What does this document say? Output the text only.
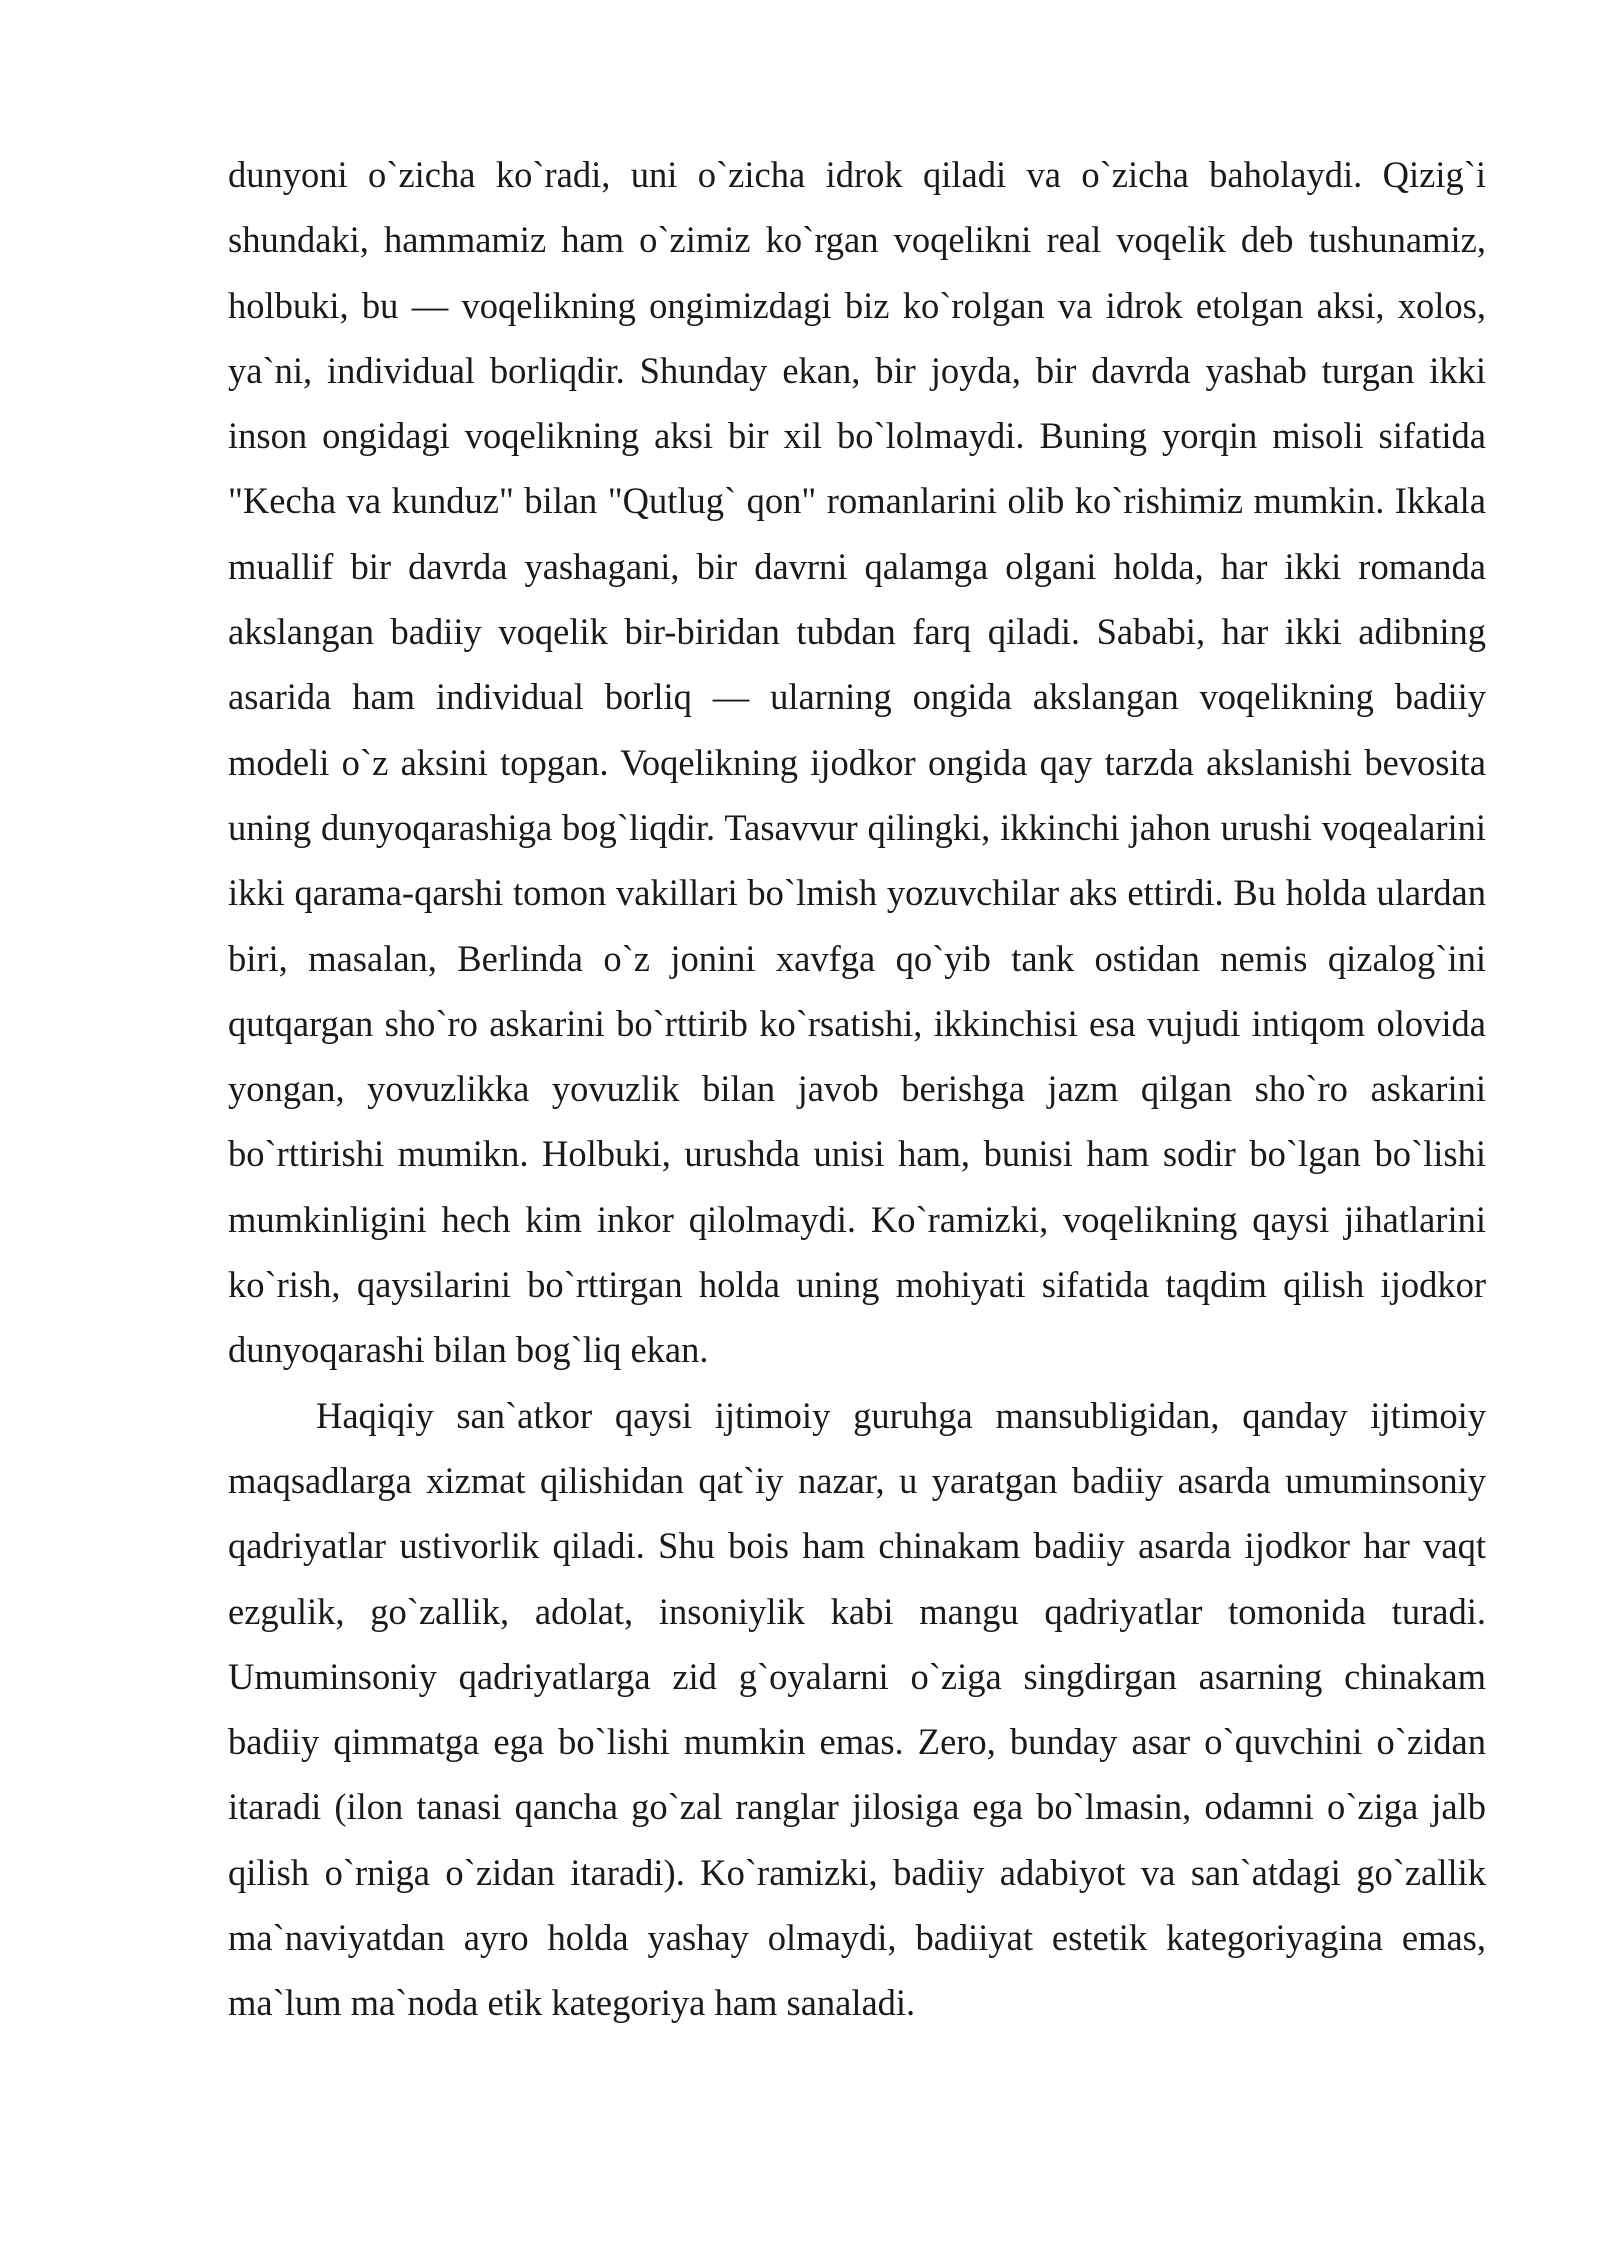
dunyoni o`zicha ko`radi, uni o`zicha idrok qiladi va o`zicha baholaydi. Qizig`i shundaki, hammamiz ham o`zimiz ko`rgan voqelikni real voqelik deb tushunamiz, holbuki, bu — voqelikning ongimizdagi biz ko`rolgan va idrok etolgan aksi, xolos, ya`ni, individual borliqdir. Shunday ekan, bir joyda, bir davrda yashab turgan ikki inson ongidagi voqelikning aksi bir xil bo`lolmaydi. Buning yorqin misoli sifatida "Kecha va kunduz" bilan "Qutlug` qon" romanlarini olib ko`rishimiz mumkin. Ikkala muallif bir davrda yashagani, bir davrni qalamga olgani holda, har ikki romanda akslangan badiiy voqelik bir-biridan tubdan farq qiladi. Sababi, har ikki adibning asarida ham individual borliq — ularning ongida akslangan voqelikning badiiy modeli o`z aksini topgan. Voqelikning ijodkor ongida qay tarzda akslanishi bevosita uning dunyoqarashiga bog`liqdir. Tasavvur qilingki, ikkinchi jahon urushi voqealarini ikki qarama-qarshi tomon vakillari bo`lmish yozuvchilar aks ettirdi. Bu holda ulardan biri, masalan, Berlinda o`z jonini xavfga qo`yib tank ostidan nemis qizalog`ini qutqargan sho`ro askarini bo`rttirib ko`rsatishi, ikkinchisi esa vujudi intiqom olovida yongan, yovuzlikka yovuzlik bilan javob berishga jazm qilgan sho`ro askarini bo`rttirishi mumikn. Holbuki, urushda unisi ham, bunisi ham sodir bo`lgan bo`lishi mumkinligini hech kim inkor qilolmaydi. Ko`ramizki, voqelikning qaysi jihatlarini ko`rish, qaysilarini bo`rttirgan holda uning mohiyati sifatida taqdim qilish ijodkor dunyoqarashi bilan bog`liq ekan.

Haqiqiy san`atkor qaysi ijtimoiy guruhga mansubligidan, qanday ijtimoiy maqsadlarga xizmat qilishidan qat`iy nazar, u yaratgan badiiy asarda umuminsoniy qadriyatlar ustivorlik qiladi. Shu bois ham chinakam badiiy asarda ijodkor har vaqt ezgulik, go`zallik, adolat, insoniylik kabi mangu qadriyatlar tomonida turadi. Umuminsoniy qadriyatlarga zid g`oyalarni o`ziga singdirgan asarning chinakam badiiy qimmatga ega bo`lishi mumkin emas. Zero, bunday asar o`quvchini o`zidan itaradi (ilon tanasi qancha go`zal ranglar jilosiga ega bo`lmasin, odamni o`ziga jalb qilish o`rniga o`zidan itaradi). Ko`ramizki, badiiy adabiyot va san`atdagi go`zallik ma`naviyatdan ayro holda yashay olmaydi, badiiyat estetik kategoriyagina emas, ma`lum ma`noda etik kategoriya ham sanaladi.
